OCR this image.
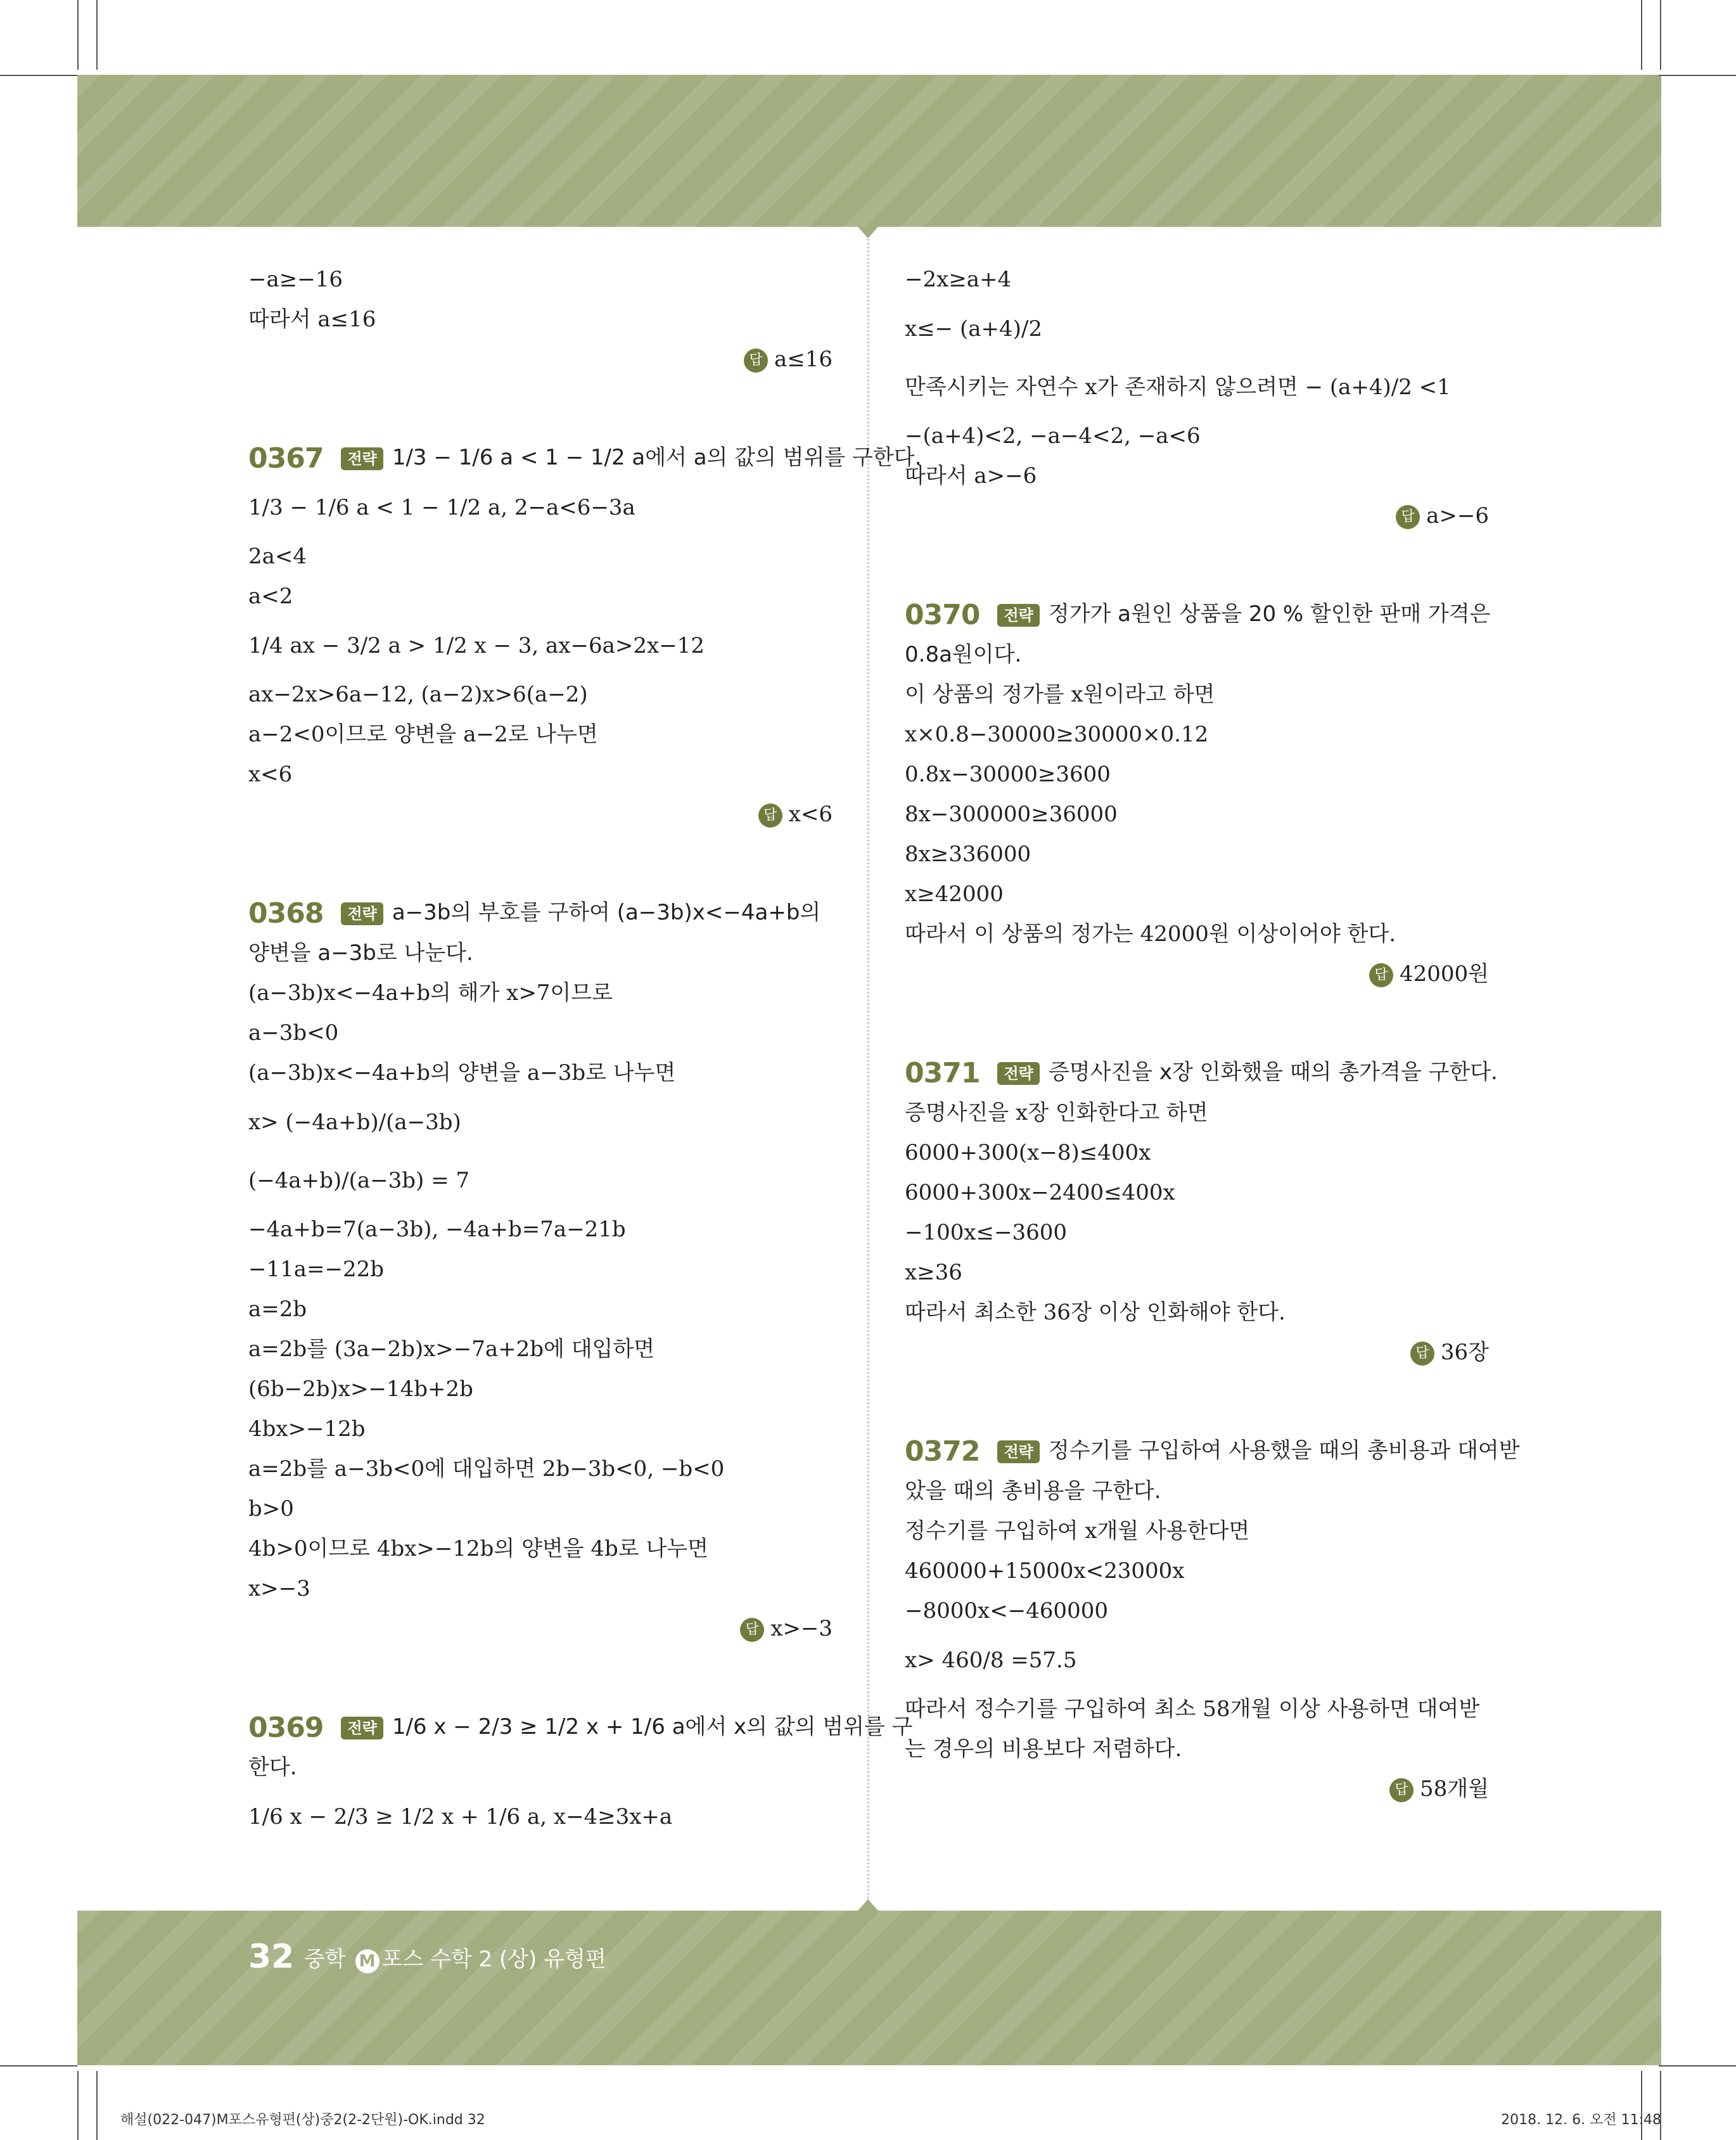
−a≥−16
따라서 a≤16
답 a≤16
0367 전략 1/3 − 1/6 a < 1 − 1/2 a에서 a의 값의 범위를 구한다.
1/3 − 1/6 a < 1 − 1/2 a, 2−a<6−3a
2a<4
a<2
1/4 ax − 3/2 a > 1/2 x − 3, ax−6a>2x−12
ax−2x>6a−12, (a−2)x>6(a−2)
a−2<0이므로 양변을 a−2로 나누면
x<6
답 x<6
0368 전략 a−3b의 부호를 구하여 (a−3b)x<−4a+b의
양변을 a−3b로 나눈다.
(a−3b)x<−4a+b의 해가 x>7이므로
a−3b<0
(a−3b)x<−4a+b의 양변을 a−3b로 나누면
x> (−4a+b)/(a−3b)
(−4a+b)/(a−3b) = 7
−4a+b=7(a−3b), −4a+b=7a−21b
−11a=−22b
a=2b
a=2b를 (3a−2b)x>−7a+2b에 대입하면
(6b−2b)x>−14b+2b
4bx>−12b
a=2b를 a−3b<0에 대입하면 2b−3b<0, −b<0
b>0
4b>0이므로 4bx>−12b의 양변을 4b로 나누면
x>−3
답 x>−3
0369 전략 1/6 x − 2/3 ≥ 1/2 x + 1/6 a에서 x의 값의 범위를 구
한다.
1/6 x − 2/3 ≥ 1/2 x + 1/6 a, x−4≥3x+a
−2x≥a+4
x≤− (a+4)/2
만족시키는 자연수 x가 존재하지 않으려면 − (a+4)/2 <1
−(a+4)<2, −a−4<2, −a<6
따라서 a>−6
답 a>−6
0370 전략 정가가 a원인 상품을 20 % 할인한 판매 가격은
0.8a원이다.
이 상품의 정가를 x원이라고 하면
x×0.8−30000≥30000×0.12
0.8x−30000≥3600
8x−300000≥36000
8x≥336000
x≥42000
따라서 이 상품의 정가는 42000원 이상이어야 한다.
답 42000원
0371 전략 증명사진을 x장 인화했을 때의 총가격을 구한다.
증명사진을 x장 인화한다고 하면
6000+300(x−8)≤400x
6000+300x−2400≤400x
−100x≤−3600
x≥36
따라서 최소한 36장 이상 인화해야 한다.
답 36장
0372 전략 정수기를 구입하여 사용했을 때의 총비용과 대여받
았을 때의 총비용을 구한다.
정수기를 구입하여 x개월 사용한다면
460000+15000x<23000x
−8000x<−460000
x> 460/8 =57.5
따라서 정수기를 구입하여 최소 58개월 이상 사용하면 대여받
는 경우의 비용보다 저렴하다.
답 58개월
32 중학 M 포스 수학 2 (상) 유형편
해설(022-047)M포스유형편(상)중2(2-2단원)-OK.indd 32	2018. 12. 6. 오전 11:48
